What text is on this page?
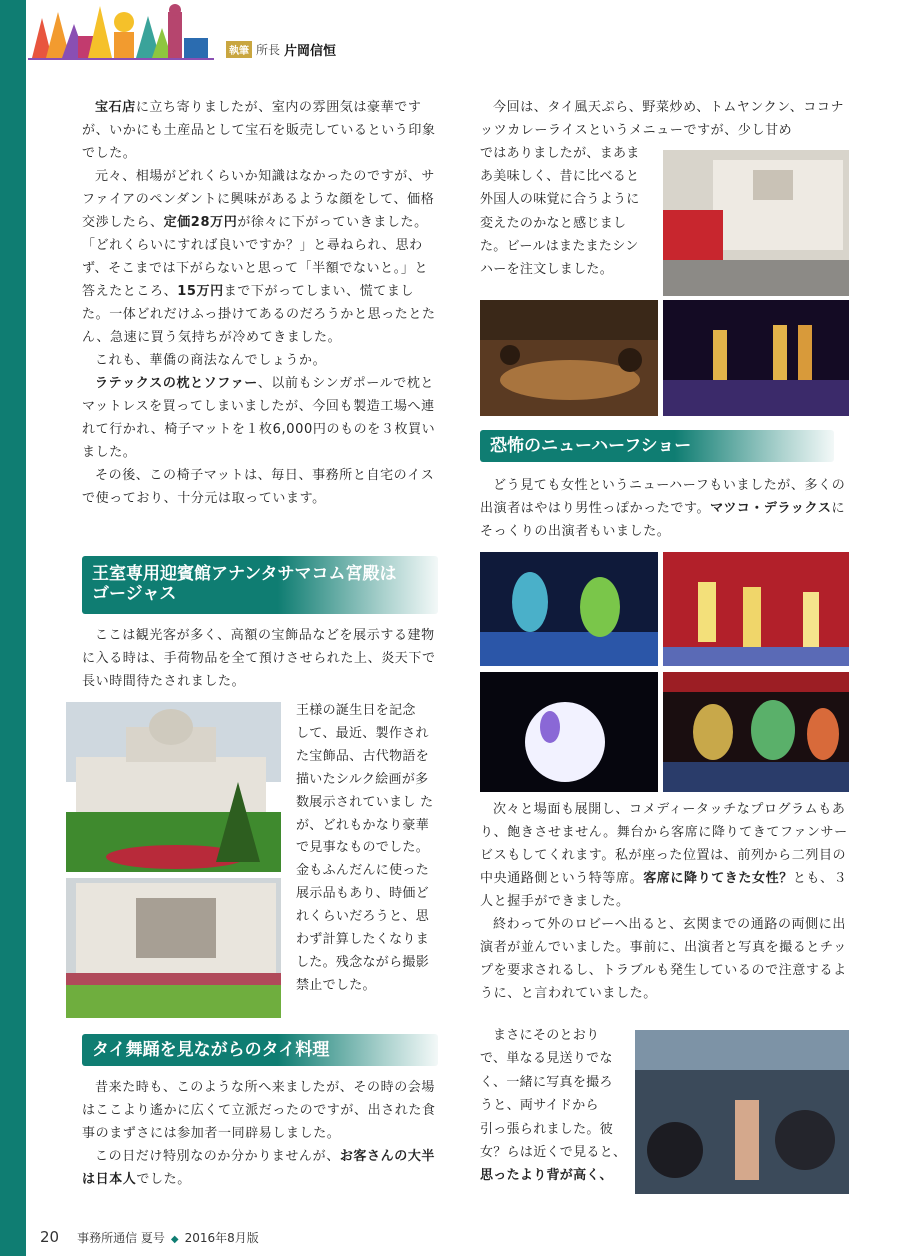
執筆 所長 片岡信恒

宝石店に立ち寄りましたが、室内の雰囲気は豪華ですが、いかにも土産品として宝石を販売しているという印象でした。

元々、相場がどれくらいか知識はなかったのですが、サファイアのペンダントに興味があるような顔をして、価格交渉したら、定価28万円が徐々に下がっていきました。「どれくらいにすれば良いですか？」と尋ねられ、思わず、そこまでは下がらないと思って「半額でないと。」と答えたところ、15万円まで下がってしまい、慌てました。一体どれだけふっ掛けてあるのだろうかと思ったとたん、急速に買う気持ちが冷めてきました。

これも、華僑の商法なんでしょうか。

ラテックスの枕とソファー、以前もシンガポールで枕とマットレスを買ってしまいましたが、今回も製造工場へ連れて行かれ、椅子マットを１枚6,000円のものを３枚買いました。

その後、この椅子マットは、毎日、事務所と自宅のイスで使っており、十分元は取っています。

王室専用迎賓館アナンタサマコム宮殿は
ゴージャス

ここは観光客が多く、高額の宝飾品などを展示する建物に入る時は、手荷物品を全て預けさせられた上、炎天下で長い時間待たされました。

王様の誕生日を記念
して、最近、製作され
た宝飾品、古代物語を
描いたシルク絵画が多
数展示されていまし た
が、どれもかなり豪華
で見事なものでした。
金もふんだんに使った
展示品もあり、時価ど
れくらいだろうと、思
わず計算したくなりま
した。残念ながら撮影
禁止でした。
タイ舞踊を見ながらのタイ料理

昔来た時も、このような所へ来ましたが、その時の会場はここより遙かに広くて立派だったのですが、出された食事のまずさには参加者一同辟易しました。

この日だけ特別なのか分かりませんが、お客さんの大半は日本人でした。

今回は、タイ風天ぷら、野菜炒め、トムヤンクン、ココナッツカレーライスというメニューですが、少し甘め

ではありましたが、まあま
あ美味しく、昔に比べると
外国人の味覚に合うように
変えたのかなと感じまし
た。ビールはまたまたシン
ハーを注文しました。
恐怖のニューハーフショー

どう見ても女性というニューハーフもいましたが、多くの出演者はやはり男性っぽかったです。マツコ・デラックスにそっくりの出演者もいました。

次々と場面も展開し、コメディータッチなプログラムもあり、飽きさせません。舞台から客席に降りてきてファンサービスもしてくれます。私が座った位置は、前列から二列目の中央通路側という特等席。客席に降りてきた女性？とも、３人と握手ができました。

終わって外のロビーへ出ると、玄関までの通路の両側に出演者が並んでいました。事前に、出演者と写真を撮るとチップを要求されるし、トラブルも発生しているので注意するように、と言われていました。

まさにそのとおり
で、単なる見送りでな
く、一緒に写真を撮ろ
うと、両サイドから
引っ張られました。彼
女？らは近くで見ると、
思ったより背が高く、
20 事務所通信 夏号 ◆ 2016年8月版
